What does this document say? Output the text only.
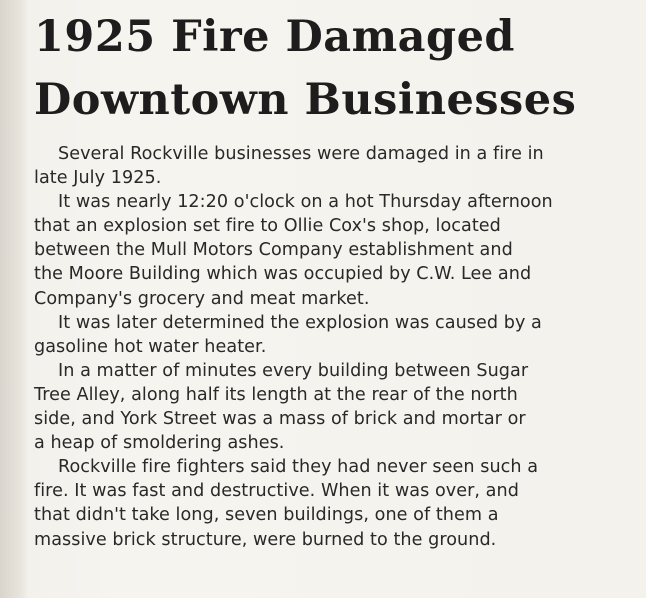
1925 Fire Damaged
Downtown Businesses
Several Rockville businesses were damaged in a fire in
late July 1925.
It was nearly 12:20 o'clock on a hot Thursday afternoon
that an explosion set fire to Ollie Cox's shop, located
between the Mull Motors Company establishment and
the Moore Building which was occupied by C.W. Lee and
Company's grocery and meat market.
It was later determined the explosion was caused by a
gasoline hot water heater.
In a matter of minutes every building between Sugar
Tree Alley, along half its length at the rear of the north
side, and York Street was a mass of brick and mortar or
a heap of smoldering ashes.
Rockville fire fighters said they had never seen such a
fire. It was fast and destructive. When it was over, and
that didn't take long, seven buildings, one of them a
massive brick structure, were burned to the ground.
